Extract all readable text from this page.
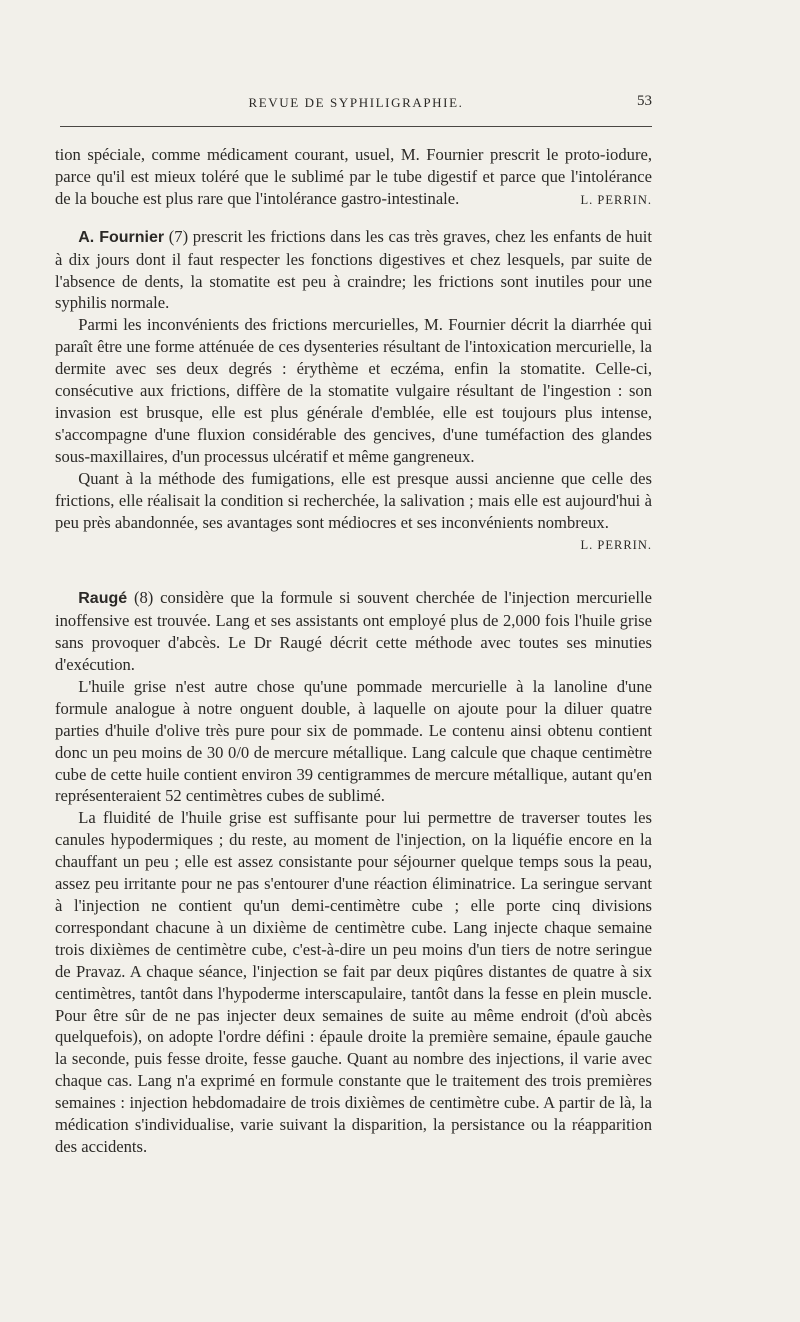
REVUE DE SYPHILIGRAPHIE.	53

tion spéciale, comme médicament courant, usuel, M. Fournier prescrit le proto-iodure, parce qu'il est mieux toléré que le sublimé par le tube digestif et parce que l'intolérance de la bouche est plus rare que l'intolérance gastro-intestinale.	L. PERRIN.

A. Fournier (7) prescrit les frictions dans les cas très graves, chez les enfants de huit à dix jours dont il faut respecter les fonctions digestives et chez lesquels, par suite de l'absence de dents, la stomatite est peu à craindre; les frictions sont inutiles pour une syphilis normale.

Parmi les inconvénients des frictions mercurielles, M. Fournier décrit la diarrhée qui paraît être une forme atténuée de ces dysenteries résultant de l'intoxication mercurielle, la dermite avec ses deux degrés : érythème et eczéma, enfin la stomatite. Celle-ci, consécutive aux frictions, diffère de la stomatite vulgaire résultant de l'ingestion : son invasion est brusque, elle est plus générale d'emblée, elle est toujours plus intense, s'accompagne d'une fluxion considérable des gencives, d'une tuméfaction des glandes sous-maxillaires, d'un processus ulcératif et même gangreneux.

Quant à la méthode des fumigations, elle est presque aussi ancienne que celle des frictions, elle réalisait la condition si recherchée, la salivation ; mais elle est aujourd'hui à peu près abandonnée, ses avantages sont médiocres et ses inconvénients nombreux.
L. PERRIN.

Raugé (8) considère que la formule si souvent cherchée de l'injection mercurielle inoffensive est trouvée. Lang et ses assistants ont employé plus de 2,000 fois l'huile grise sans provoquer d'abcès. Le Dr Raugé décrit cette méthode avec toutes ses minuties d'exécution.

L'huile grise n'est autre chose qu'une pommade mercurielle à la lanoline d'une formule analogue à notre onguent double, à laquelle on ajoute pour la diluer quatre parties d'huile d'olive très pure pour six de pommade. Le contenu ainsi obtenu contient donc un peu moins de 30 0/0 de mercure métallique. Lang calcule que chaque centimètre cube de cette huile contient environ 39 centigrammes de mercure métallique, autant qu'en représenteraient 52 centimètres cubes de sublimé.

La fluidité de l'huile grise est suffisante pour lui permettre de traverser toutes les canules hypodermiques ; du reste, au moment de l'injection, on la liquéfie encore en la chauffant un peu ; elle est assez consistante pour séjourner quelque temps sous la peau, assez peu irritante pour ne pas s'entourer d'une réaction éliminatrice. La seringue servant à l'injection ne contient qu'un demi-centimètre cube ; elle porte cinq divisions correspondant chacune à un dixième de centimètre cube. Lang injecte chaque semaine trois dixièmes de centimètre cube, c'est-à-dire un peu moins d'un tiers de notre seringue de Pravaz. A chaque séance, l'injection se fait par deux piqûres distantes de quatre à six centimètres, tantôt dans l'hypoderme interscapulaire, tantôt dans la fesse en plein muscle. Pour être sûr de ne pas injecter deux semaines de suite au même endroit (d'où abcès quelquefois), on adopte l'ordre défini : épaule droite la première semaine, épaule gauche la seconde, puis fesse droite, fesse gauche. Quant au nombre des injections, il varie avec chaque cas. Lang n'a exprimé en formule constante que le traitement des trois premières semaines : injection hebdomadaire de trois dixièmes de centimètre cube. A partir de là, la médication s'individualise, varie suivant la disparition, la persistance ou la réapparition des accidents.
